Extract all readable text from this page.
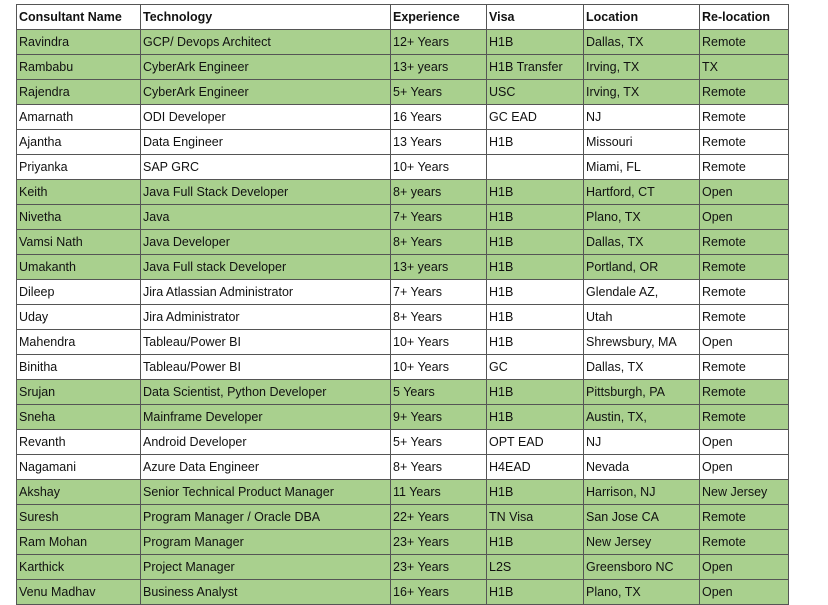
Consultant Name	Technology	Experience	Visa	Location	Re-location
Ravindra	GCP/ Devops Architect	12+ Years	H1B	Dallas, TX	Remote
Rambabu	CyberArk Engineer	13+ years	H1B Transfer	Irving, TX	TX
Rajendra	CyberArk Engineer	5+ Years	USC	Irving, TX	Remote
Amarnath	ODI Developer	16 Years	GC EAD	NJ	Remote
Ajantha	Data Engineer	13 Years	H1B	Missouri	Remote
Priyanka	SAP GRC	10+ Years		Miami, FL	Remote
Keith	Java Full Stack Developer	8+ years	H1B	Hartford, CT	Open
Nivetha	Java	7+ Years	H1B	Plano, TX	Open
Vamsi Nath	Java Developer	8+ Years	H1B	Dallas, TX	Remote
Umakanth	Java Full stack Developer	13+ years	H1B	Portland, OR	Remote
Dileep	Jira Atlassian Administrator	7+ Years	H1B	Glendale AZ,	Remote
Uday	Jira Administrator	8+ Years	H1B	Utah	Remote
Mahendra	Tableau/Power BI	10+ Years	H1B	Shrewsbury, MA	Open
Binitha	Tableau/Power BI	10+ Years	GC	Dallas, TX	Remote
Srujan	Data Scientist, Python Developer	5 Years	H1B	Pittsburgh, PA	Remote
Sneha	Mainframe Developer	9+ Years	H1B	Austin, TX,	Remote
Revanth	Android Developer	5+ Years	OPT EAD	NJ	Open
Nagamani	Azure Data Engineer	8+ Years	H4EAD	Nevada	Open
Akshay	Senior Technical Product Manager	11 Years	H1B	Harrison, NJ	New Jersey
Suresh	Program Manager / Oracle DBA	22+ Years	TN Visa	San Jose CA	Remote
Ram Mohan	Program Manager	23+ Years	H1B	New Jersey	Remote
Karthick	Project Manager	23+ Years	L2S	Greensboro NC	Open
Venu Madhav	Business Analyst	16+ Years	H1B	Plano, TX	Open
